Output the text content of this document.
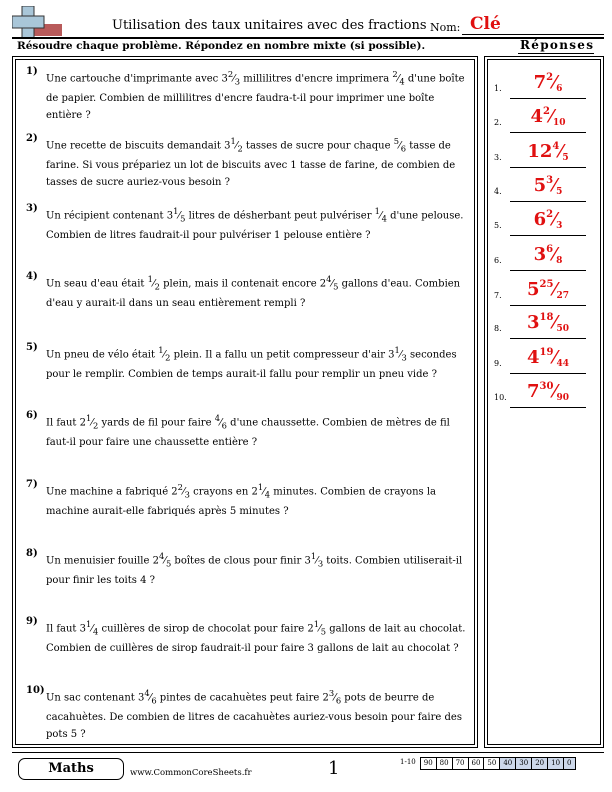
Utilisation des taux unitaires avec des fractions Nom: Clé
Résoudre chaque problème. Répondez en nombre mixte (si possible).	Réponses
1)
Une cartouche d'imprimante avec $3^2⁄_3$ millilitres d'encre imprimera $^2⁄_4$ d'une boîte de papier. Combien de millilitres d'encre faudra-t-il pour imprimer une boîte entière ?
2)
Une recette de biscuits demandait $3^1⁄_2$ tasses de sucre pour chaque $^5⁄_6$ tasse de farine. Si vous prépariez un lot de biscuits avec 1 tasse de farine, de combien de tasses de sucre auriez-vous besoin ?
3)
Un récipient contenant $3^1⁄_5$ litres de désherbant peut pulvériser $^1⁄_4$ d'une pelouse. Combien de litres faudrait-il pour pulvériser 1 pelouse entière ?
4)
Un seau d'eau était $^1⁄_2$ plein, mais il contenait encore $2^4⁄_5$ gallons d'eau. Combien d'eau y aurait-il dans un seau entièrement rempli ?
5)
Un pneu de vélo était $^1⁄_2$ plein. Il a fallu un petit compresseur d'air $3^1⁄_3$ secondes pour le remplir. Combien de temps aurait-il fallu pour remplir un pneu vide ?
6)
Il faut $2^1⁄_2$ yards de fil pour faire $^4⁄_6$ d'une chaussette. Combien de mètres de fil faut-il pour faire une chaussette entière ?
7)
Une machine a fabriqué $2^2⁄_3$ crayons en $2^1⁄_4$ minutes. Combien de crayons la machine aurait-elle fabriqués après 5 minutes ?
8)
Un menuisier fouille $2^4⁄_5$ boîtes de clous pour finir $3^1⁄_3$ toits. Combien utiliserait-il pour finir les toits 4 ?
9)
Il faut $3^1⁄_4$ cuillères de sirop de chocolat pour faire $2^1⁄_5$ gallons de lait au chocolat. Combien de cuillères de sirop faudrait-il pour faire 3 gallons de lait au chocolat ?
10)
Un sac contenant $3^4⁄_6$ pintes de cacahuètes peut faire $2^3⁄_6$ pots de beurre de cacahuètes. De combien de litres de cacahuètes auriez-vous besoin pour faire des pots 5 ?
1.	$7^2⁄_6$
2.	$4^2⁄_{10}$
3.	$12^4⁄_5$
4.	$5^3⁄_5$
5.	$6^2⁄_3$
6.	$3^6⁄_8$
7.	$5^{25}⁄_{27}$
8.	$3^{18}⁄_{50}$
9.	$4^{19}⁄_{44}$
10.	$7^{30}⁄_{90}$
Maths	www.CommonCoreSheets.fr	1	1-10	90	80	70	60	50	40	30	20	10	0
